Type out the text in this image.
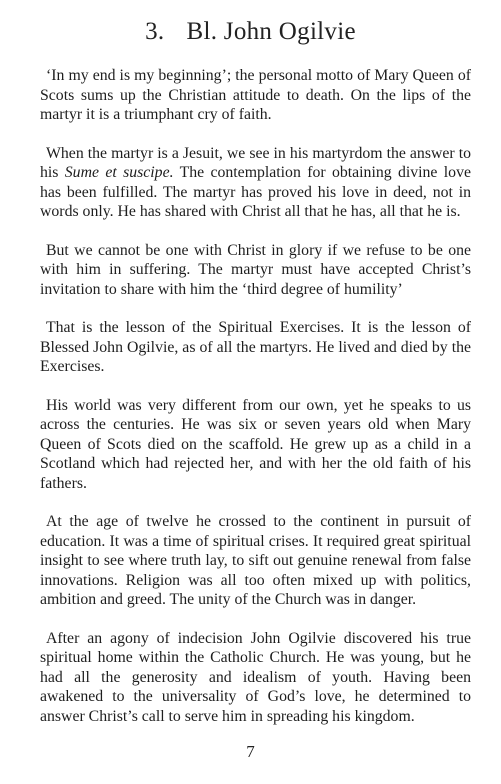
3. Bl. John Ogilvie

‘In my end is my beginning’; the personal motto of Mary Queen of Scots sums up the Christian attitude to death. On the lips of the martyr it is a triumphant cry of faith.

When the martyr is a Jesuit, we see in his martyrdom the answer to his Sume et suscipe. The contemplation for obtaining divine love has been fulfilled. The martyr has proved his love in deed, not in words only. He has shared with Christ all that he has, all that he is.

But we cannot be one with Christ in glory if we refuse to be one with him in suffering. The martyr must have accepted Christ’s invitation to share with him the ‘third degree of humility’

That is the lesson of the Spiritual Exercises. It is the lesson of Blessed John Ogilvie, as of all the martyrs. He lived and died by the Exercises.

His world was very different from our own, yet he speaks to us across the centuries. He was six or seven years old when Mary Queen of Scots died on the scaffold. He grew up as a child in a Scotland which had rejected her, and with her the old faith of his fathers.

At the age of twelve he crossed to the continent in pursuit of education. It was a time of spiritual crises. It required great spiritual insight to see where truth lay, to sift out genuine renewal from false innovations. Religion was all too often mixed up with politics, ambition and greed. The unity of the Church was in danger.

After an agony of indecision John Ogilvie discovered his true spiritual home within the Catholic Church. He was young, but he had all the generosity and idealism of youth. Having been awakened to the universality of God’s love, he determined to answer Christ’s call to serve him in spreading his kingdom.

7
